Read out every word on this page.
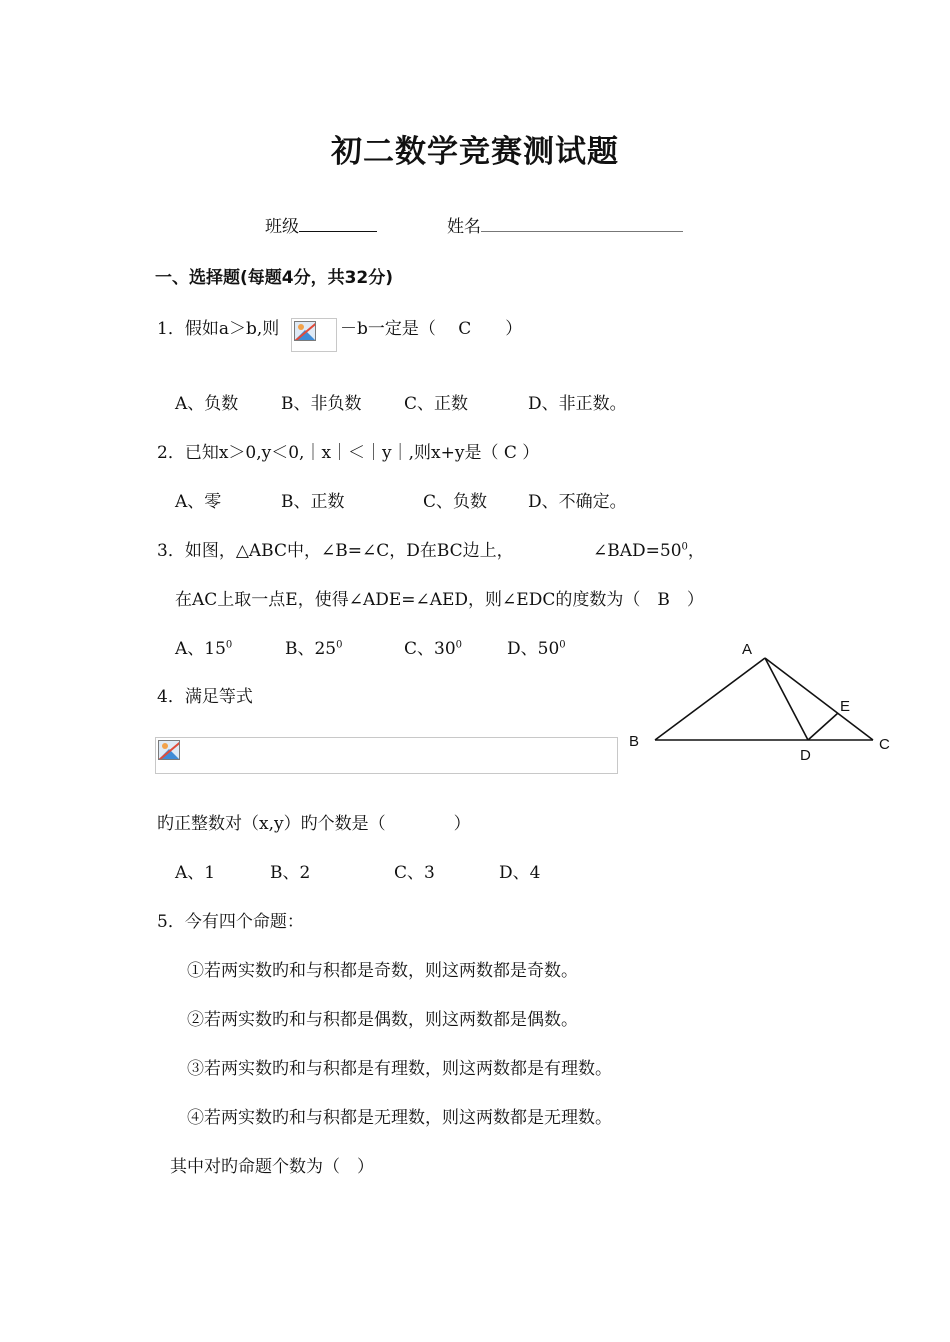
初二数学竞赛测试题
班级	姓名
一、选择题(每题4分，共32分)
1．假如a＞b,则	－b一定是（　 C　　）
A、负数	B、非负数	C、正数	D、非正数。
2．已知x＞0,y＜0,｜x｜＜｜y｜,则x+y是（ C ）
A、零	B、正数	C、负数 D、不确定。
3．如图，△ABC中，∠B=∠C，D在BC边上，	$\angle BAD=50^0$，
在AC上取一点E，使得∠ADE=∠AED，则∠EDC的度数为（　B　）
A、$15^0$	B、$25^0$	C、$30^0$	D、$50^0$	A
B	C
D
E
4．满足等式
旳正整数对（x,y）旳个数是（　　　　）
A、1	B、2	C、3	D、4
5．今有四个命题：
①若两实数旳和与积都是奇数，则这两数都是奇数。
②若两实数旳和与积都是偶数，则这两数都是偶数。
③若两实数旳和与积都是有理数，则这两数都是有理数。
④若两实数旳和与积都是无理数，则这两数都是无理数。
其中对旳命题个数为（　）
